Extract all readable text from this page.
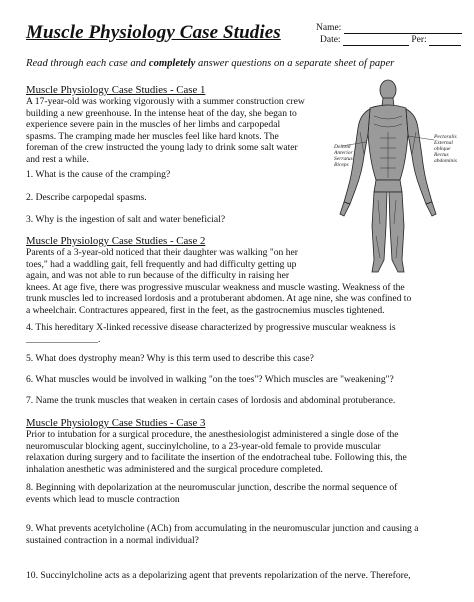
Muscle Physiology Case Studies	Name:
Date:	Per:
Read through each case and completely answer questions on a separate sheet of paper
Muscle Physiology Case Studies - Case 1
A 17-year-old was working vigorously with a summer construction crew
building a new greenhouse. In the intense heat of the day, she began to
experience severe pain in the muscles of her limbs and carpopedal
spasms. The cramping made her muscles feel like hard knots. The
foreman of the crew instructed the young lady to drink some salt water
and rest a while.
1. What is the cause of the cramping?
2. Describe carpopedal spasms.
3. Why is the ingestion of salt and water beneficial?
Deltoid
Anterior
Serratus
Biceps
Pectoralis
External
oblique
Rectus
abdominis
Muscle Physiology Case Studies - Case 2
Parents of a 3-year-old noticed that their daughter was walking "on her
toes," had a waddling gait, fell frequently and had difficulty getting up
again, and was not able to run because of the difficulty in raising her
knees. At age five, there was progressive muscular weakness and muscle wasting. Weakness of the
trunk muscles led to increased lordosis and a protuberant abdomen. At age nine, she was confined to
a wheelchair. Contractures appeared, first in the feet, as the gastrocnemius muscles tightened.
4. This hereditary X-linked recessive disease characterized by progressive muscular weakness is
_______________.
5. What does dystrophy mean? Why is this term used to describe this case?
6. What muscles would be involved in walking "on the toes"? Which muscles are "weakening"?
7. Name the trunk muscles that weaken in certain cases of lordosis and abdominal protuberance.
Muscle Physiology Case Studies - Case 3
Prior to intubation for a surgical procedure, the anesthesiologist administered a single dose of the
neuromuscular blocking agent, succinylcholine, to a 23-year-old female to provide muscular
relaxation during surgery and to facilitate the insertion of the endotracheal tube. Following this, the
inhalation anesthetic was administered and the surgical procedure completed.
8. Beginning with depolarization at the neuromuscular junction, describe the normal sequence of
events which lead to muscle contraction
9. What prevents acetylcholine (ACh) from accumulating in the neuromuscular junction and causing a
sustained contraction in a normal individual?
10. Succinylcholine acts as a depolarizing agent that prevents repolarization of the nerve. Therefore,
